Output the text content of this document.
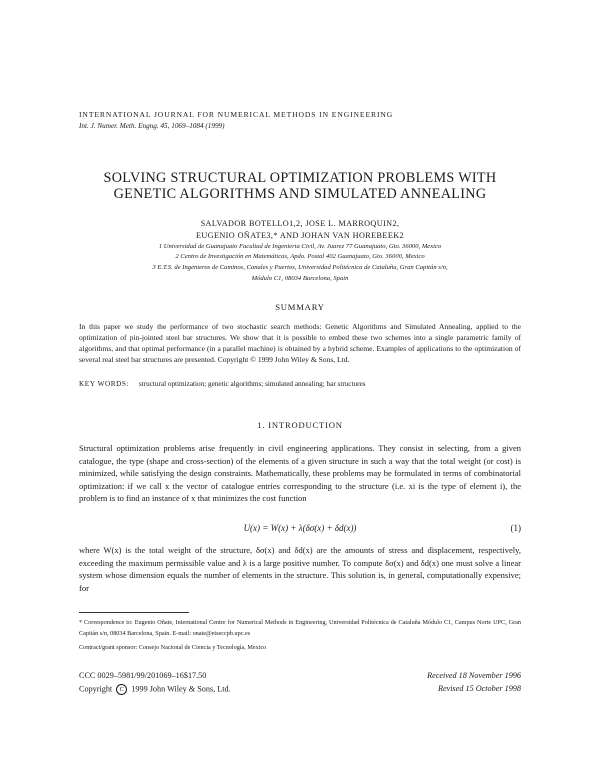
INTERNATIONAL JOURNAL FOR NUMERICAL METHODS IN ENGINEERING
Int. J. Numer. Meth. Engng. 45, 1069–1084 (1999)
SOLVING STRUCTURAL OPTIMIZATION PROBLEMS WITH
GENETIC ALGORITHMS AND SIMULATED ANNEALING
SALVADOR BOTELLO1,2, JOSE L. MARROQUIN2,
EUGENIO OÑATE3,* AND JOHAN VAN HOREBEEK2
1 Universidad de Guanajuato Facultad de Ingenieria Civil, Av. Juarez 77 Guanajuato, Gto. 36000, Mexico
2 Centro de Investigación en Matemáticas, Apdo. Postal 402 Guanajuato, Gto. 36000, Mexico
3 E.T.S. de Ingenieros de Caminos, Canales y Puertos, Universidad Politécnica de Cataluña, Gran Capitán s/n,
Módulo C1, 08034 Barcelona, Spain
SUMMARY

In this paper we study the performance of two stochastic search methods: Genetic Algorithms and Simulated Annealing, applied to the optimization of pin-jointed steel bar structures. We show that it is possible to embed these two schemes into a single parametric family of algorithms, and that optimal performance (in a parallel machine) is obtained by a hybrid scheme. Examples of applications to the optimization of several real steel bar structures are presented. Copyright © 1999 John Wiley & Sons, Ltd.

KEY WORDS: structural optimization; genetic algorithms; simulated annealing; bar structures
1. INTRODUCTION

Structural optimization problems arise frequently in civil engineering applications. They consist in selecting, from a given catalogue, the type (shape and cross-section) of the elements of a given structure in such a way that the total weight (or cost) is minimized, while satisfying the design constraints. Mathematically, these problems may be formulated in terms of combinatorial optimization: if we call x the vector of catalogue entries corresponding to the structure (i.e. xi is the type of element i), the problem is to find an instance of x that minimizes the cost function

U(x) = W(x) + λ(δσ(x) + δd(x))	(1)

where W(x) is the total weight of the structure, δσ(x) and δd(x) are the amounts of stress and displacement, respectively, exceeding the maximum permissible value and λ is a large positive number. To compute δσ(x) and δd(x) one must solve a linear system whose dimension equals the number of elements in the structure. This solution is, in general, computationally expensive; for

* Correspondence to: Eugenio Oñate, International Centre for Numerical Methods in Engineering, Universidad Politécnica de Cataluña Módulo C1, Campus Norte UPC, Gran Capitán s/n, 08034 Barcelona, Spain. E-mail: onate@etseccpb.upc.es

Contract/grant sponsor: Consejo Nacional de Ciencia y Tecnología, Mexico

CCC 0029–5981/99/201069–16$17.50
Copyright C 1999 John Wiley & Sons, Ltd.
Received 18 November 1996
Revised 15 October 1998
